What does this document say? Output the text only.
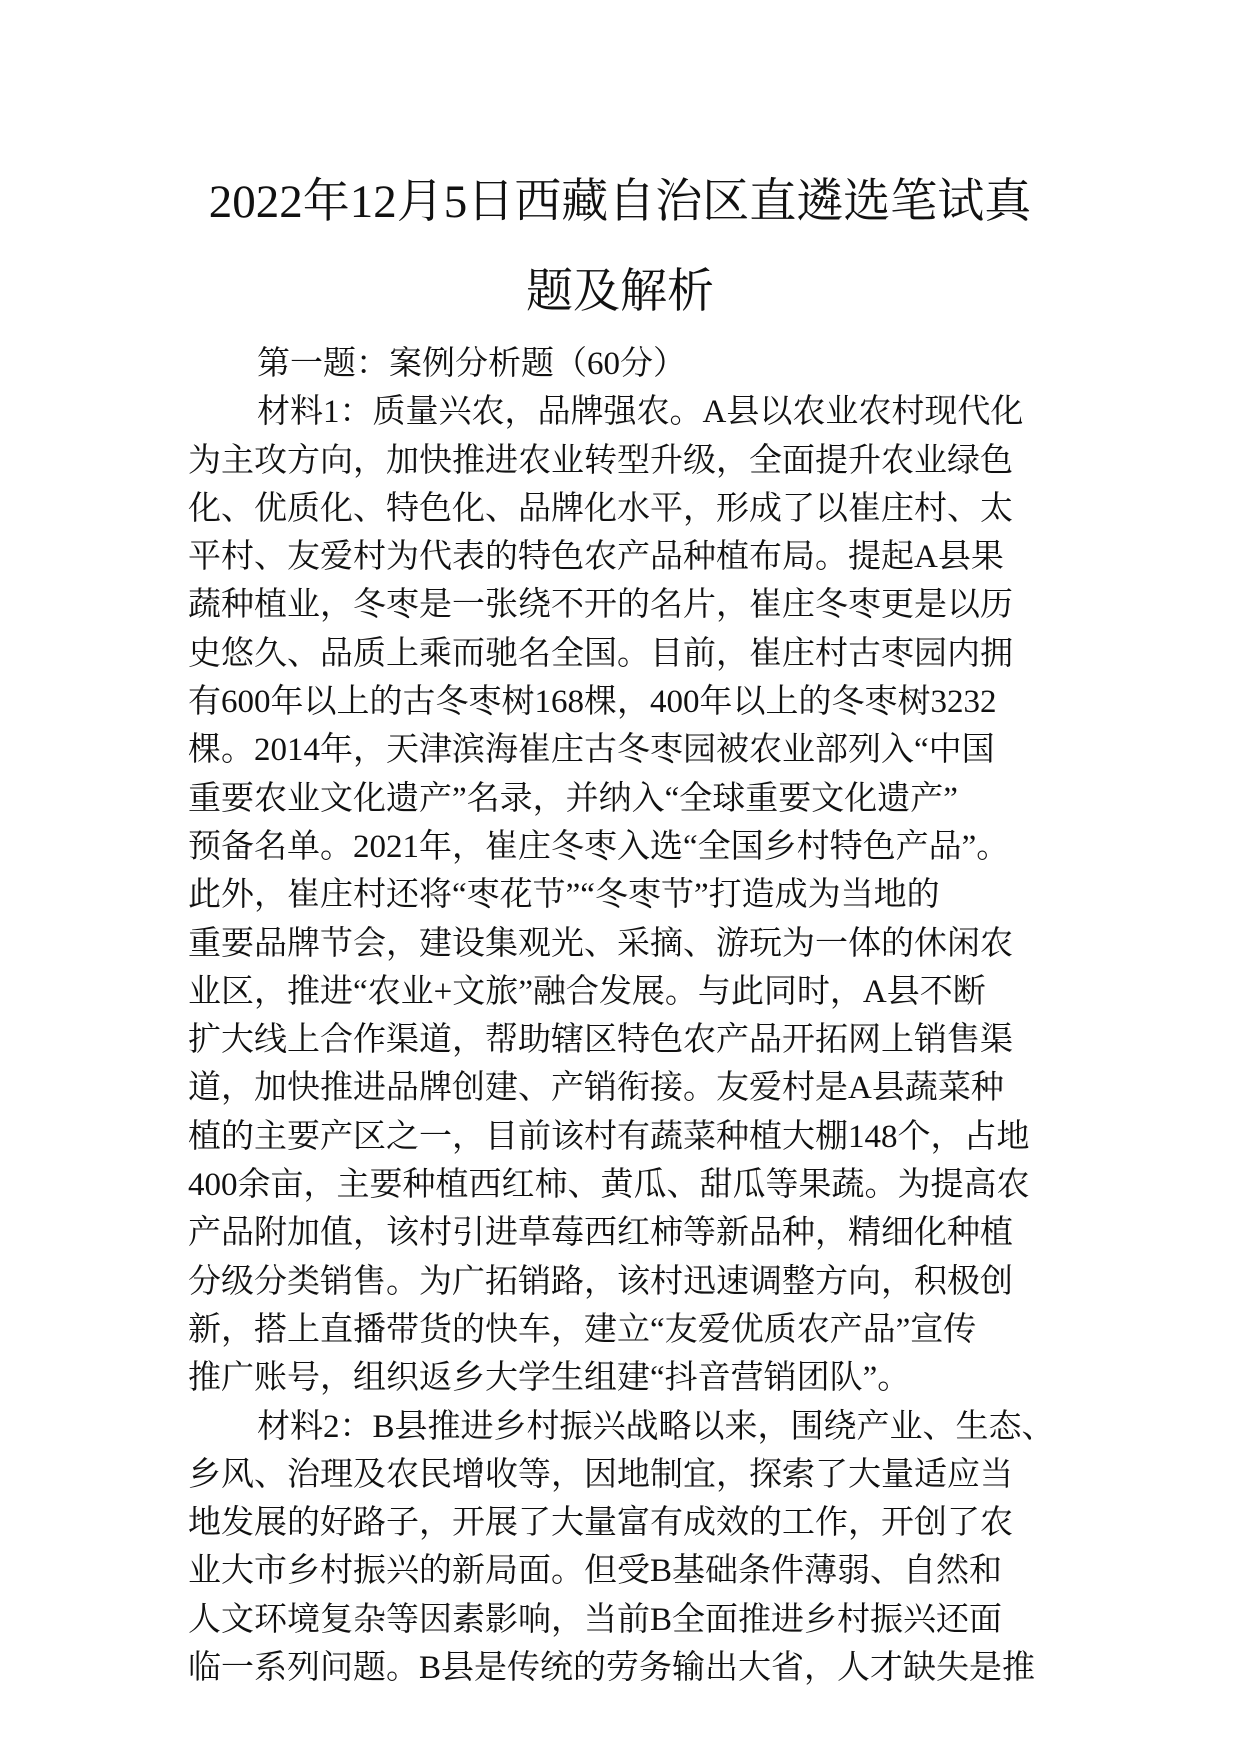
2022年12月5日西藏自治区直遴选笔试真
题及解析
第一题：案例分析题（60分）
材料1：质量兴农，品牌强农。A县以农业农村现代化
为主攻方向，加快推进农业转型升级，全面提升农业绿色
化、优质化、特色化、品牌化水平，形成了以崔庄村、太
平村、友爱村为代表的特色农产品种植布局。提起A县果
蔬种植业，冬枣是一张绕不开的名片，崔庄冬枣更是以历
史悠久、品质上乘而驰名全国。目前，崔庄村古枣园内拥
有600年以上的古冬枣树168棵，400年以上的冬枣树3232
棵。2014年，天津滨海崔庄古冬枣园被农业部列入“中国
重要农业文化遗产”名录，并纳入“全球重要文化遗产”
预备名单。2021年，崔庄冬枣入选“全国乡村特色产品”。
此外，崔庄村还将“枣花节”“冬枣节”打造成为当地的
重要品牌节会，建设集观光、采摘、游玩为一体的休闲农
业区，推进“农业+文旅”融合发展。与此同时，A县不断
扩大线上合作渠道，帮助辖区特色农产品开拓网上销售渠
道，加快推进品牌创建、产销衔接。友爱村是A县蔬菜种
植的主要产区之一，目前该村有蔬菜种植大棚148个，占地
400余亩，主要种植西红柿、黄瓜、甜瓜等果蔬。为提高农
产品附加值，该村引进草莓西红柿等新品种，精细化种植
分级分类销售。为广拓销路，该村迅速调整方向，积极创
新，搭上直播带货的快车，建立“友爱优质农产品”宣传
推广账号，组织返乡大学生组建“抖音营销团队”。
材料2：B县推进乡村振兴战略以来，围绕产业、生态、
乡风、治理及农民增收等，因地制宜，探索了大量适应当
地发展的好路子，开展了大量富有成效的工作，开创了农
业大市乡村振兴的新局面。但受B基础条件薄弱、自然和
人文环境复杂等因素影响，当前B全面推进乡村振兴还面
临一系列问题。B县是传统的劳务输出大省，人才缺失是推
